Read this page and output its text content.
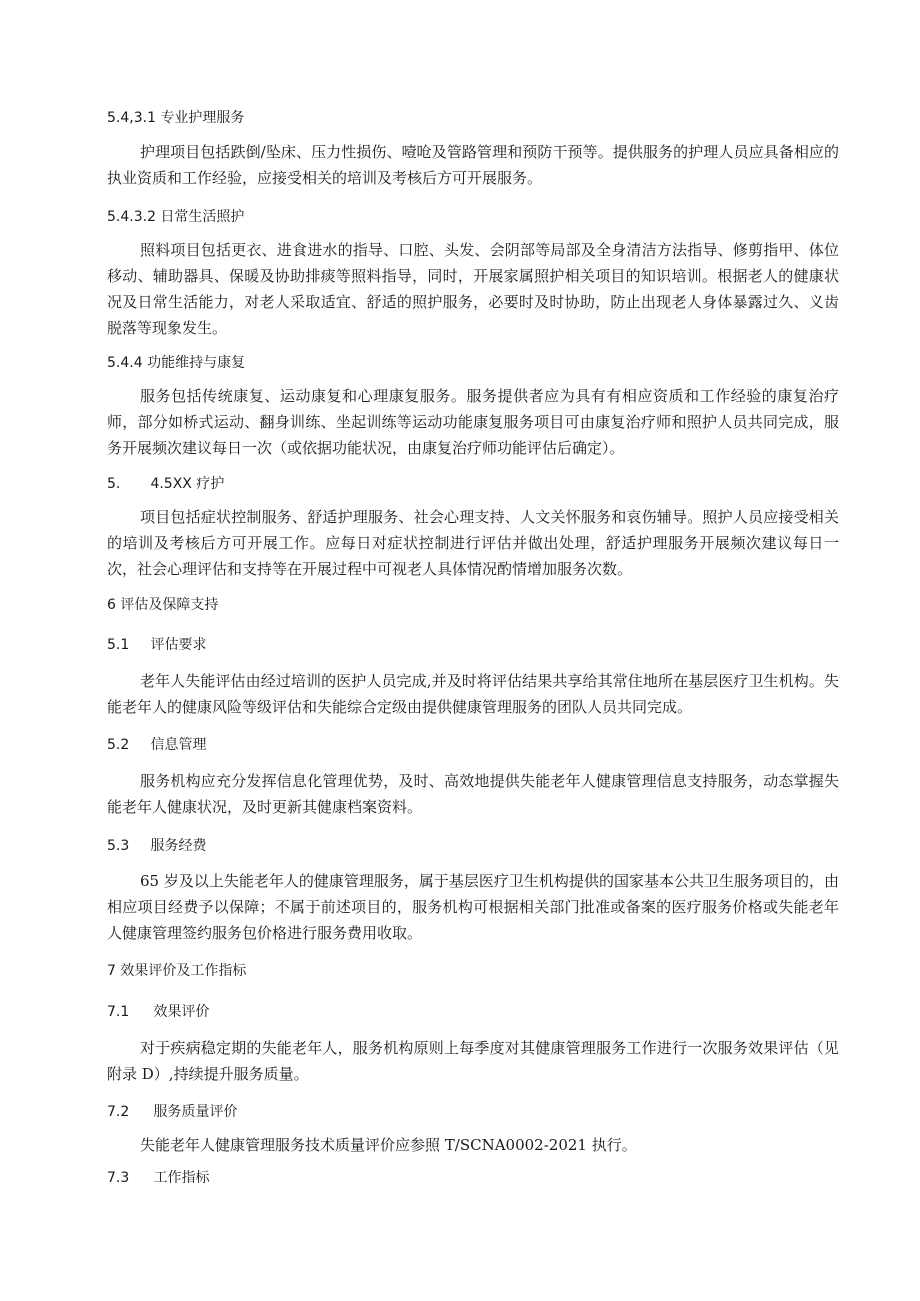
5.4,3.1 专业护理服务
护理项目包括跌倒/坠床、压力性损伤、噎呛及管路管理和预防干预等。提供服务的护理人员应具备相应的执业资质和工作经验，应接受相关的培训及考核后方可开展服务。
5.4.3.2 日常生活照护
照料项目包括更衣、进食进水的指导、口腔、头发、会阴部等局部及全身清洁方法指导、修剪指甲、体位移动、辅助器具、保暖及协助排痰等照料指导，同时，开展家属照护相关项目的知识培训。根据老人的健康状况及日常生活能力，对老人采取适宜、舒适的照护服务，必要时及时协助，防止出现老人身体暴露过久、义齿脱落等现象发生。
5.4.4 功能维持与康复
服务包括传统康复、运动康复和心理康复服务。服务提供者应为具有有相应资质和工作经验的康复治疗师，部分如桥式运动、翻身训练、坐起训练等运动功能康复服务项目可由康复治疗师和照护人员共同完成，服务开展频次建议每日一次（或依据功能状况，由康复治疗师功能评估后确定）。
5. 4.5XX 疗护
项目包括症状控制服务、舒适护理服务、社会心理支持、人文关怀服务和哀伤辅导。照护人员应接受相关的培训及考核后方可开展工作。应每日对症状控制进行评估并做出处理，舒适护理服务开展频次建议每日一次，社会心理评估和支持等在开展过程中可视老人具体情况酌情增加服务次数。
6 评估及保障支持
5.1 评估要求
老年人失能评估由经过培训的医护人员完成,并及时将评估结果共享给其常住地所在基层医疗卫生机构。失能老年人的健康风险等级评估和失能综合定级由提供健康管理服务的团队人员共同完成。
5.2 信息管理
服务机构应充分发挥信息化管理优势，及时、高效地提供失能老年人健康管理信息支持服务，动态掌握失能老年人健康状况，及时更新其健康档案资料。
5.3 服务经费
65 岁及以上失能老年人的健康管理服务，属于基层医疗卫生机构提供的国家基本公共卫生服务项目的，由相应项目经费予以保障；不属于前述项目的，服务机构可根据相关部门批准或备案的医疗服务价格或失能老年人健康管理签约服务包价格进行服务费用收取。
7 效果评价及工作指标
7.1 效果评价
对于疾病稳定期的失能老年人，服务机构原则上每季度对其健康管理服务工作进行一次服务效果评估（见附录 D）,持续提升服务质量。
7.2 服务质量评价
失能老年人健康管理服务技术质量评价应参照 T/SCNA0002-2021 执行。
7.3 工作指标
